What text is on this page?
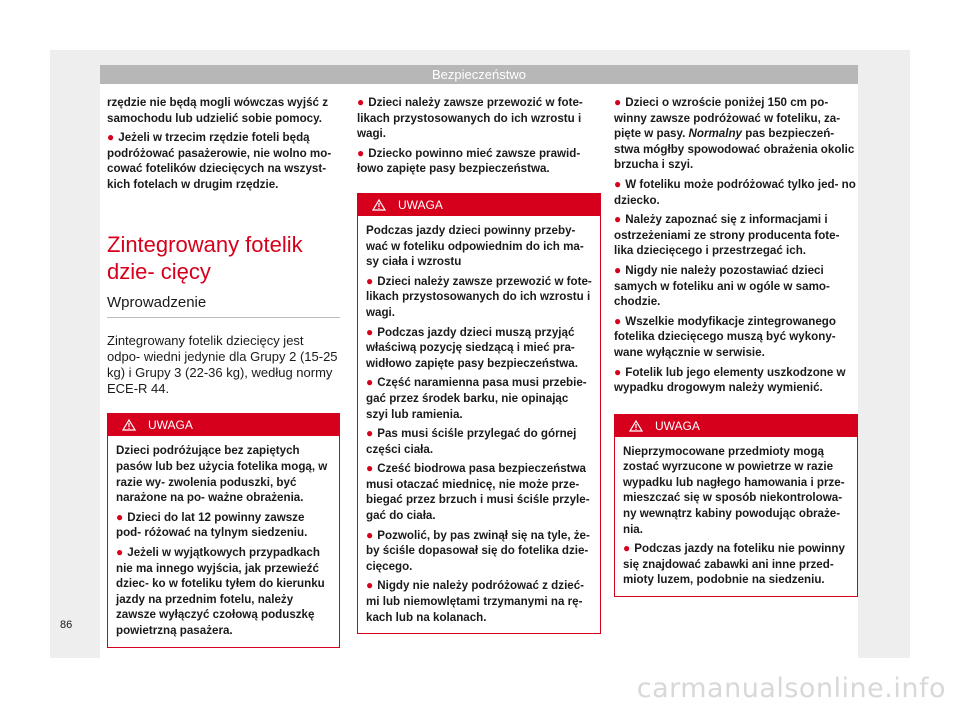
Bezpieczeństwo

rzędzie nie będą mogli wówczas wyjść z samochodu lub udzielić sobie pomocy.

● Jeżeli w trzecim rzędzie foteli będą podróżować pasażerowie, nie wolno mo- cować fotelików dziecięcych na wszyst- kich fotelach w drugim rzędzie.

Zintegrowany fotelik dzie- cięcy
Wprowadzenie

Zintegrowany fotelik dziecięcy jest odpo- wiedni jedynie dla Grupy 2 (15-25 kg) i Grupy 3 (22-36 kg), według normy ECE-R 44.

UWAGA

Dzieci podróżujące bez zapiętych pasów lub bez użycia fotelika mogą, w razie wy- zwolenia poduszki, być narażone na po- ważne obrażenia.

● Dzieci do lat 12 powinny zawsze pod- różować na tylnym siedzeniu.

● Jeżeli w wyjątkowych przypadkach nie ma innego wyjścia, jak przewieźć dziec- ko w foteliku tyłem do kierunku jazdy na przednim fotelu, należy zawsze wyłączyć czołową poduszkę powietrzną pasażera.

● Dzieci należy zawsze przewozić w fote- likach przystosowanych do ich wzrostu i wagi.

● Dziecko powinno mieć zawsze prawid- łowo zapięte pasy bezpieczeństwa.

UWAGA

Podczas jazdy dzieci powinny przeby- wać w foteliku odpowiednim do ich ma- sy ciała i wzrostu

● Dzieci należy zawsze przewozić w fote- likach przystosowanych do ich wzrostu i wagi.

● Podczas jazdy dzieci muszą przyjąć właściwą pozycję siedzącą i mieć pra- widłowo zapięte pasy bezpieczeństwa.

● Część naramienna pasa musi przebie- gać przez środek barku, nie opinając szyi lub ramienia.

● Pas musi ściśle przylegać do górnej części ciała.

● Cześć biodrowa pasa bezpieczeństwa musi otaczać miednicę, nie może prze- biegać przez brzuch i musi ściśle przyle- gać do ciała.

● Pozwolić, by pas zwinął się na tyle, że- by ściśle dopasował się do fotelika dzie- cięcego.

● Nigdy nie należy podróżować z dzieć- mi lub niemowlętami trzymanymi na rę- kach lub na kolanach.

● Dzieci o wzroście poniżej 150 cm po- winny zawsze podróżować w foteliku, za- pięte w pasy. Normalny pas bezpieczeń- stwa mógłby spowodować obrażenia okolic brzucha i szyi.

● W foteliku może podróżować tylko jed- no dziecko.

● Należy zapoznać się z informacjami i ostrzeżeniami ze strony producenta fote- lika dziecięcego i przestrzegać ich.

● Nigdy nie należy pozostawiać dzieci samych w foteliku ani w ogóle w samo- chodzie.

● Wszelkie modyfikacje zintegrowanego fotelika dziecięcego muszą być wykony- wane wyłącznie w serwisie.

● Fotelik lub jego elementy uszkodzone w wypadku drogowym należy wymienić.

UWAGA

Nieprzymocowane przedmioty mogą zostać wyrzucone w powietrze w razie wypadku lub nagłego hamowania i prze- mieszczać się w sposób niekontrolowa- ny wewnątrz kabiny powodując obraże- nia.

● Podczas jazdy na foteliku nie powinny się znajdować zabawki ani inne przed- mioty luzem, podobnie na siedzeniu.

86
carmanualsonline.info
